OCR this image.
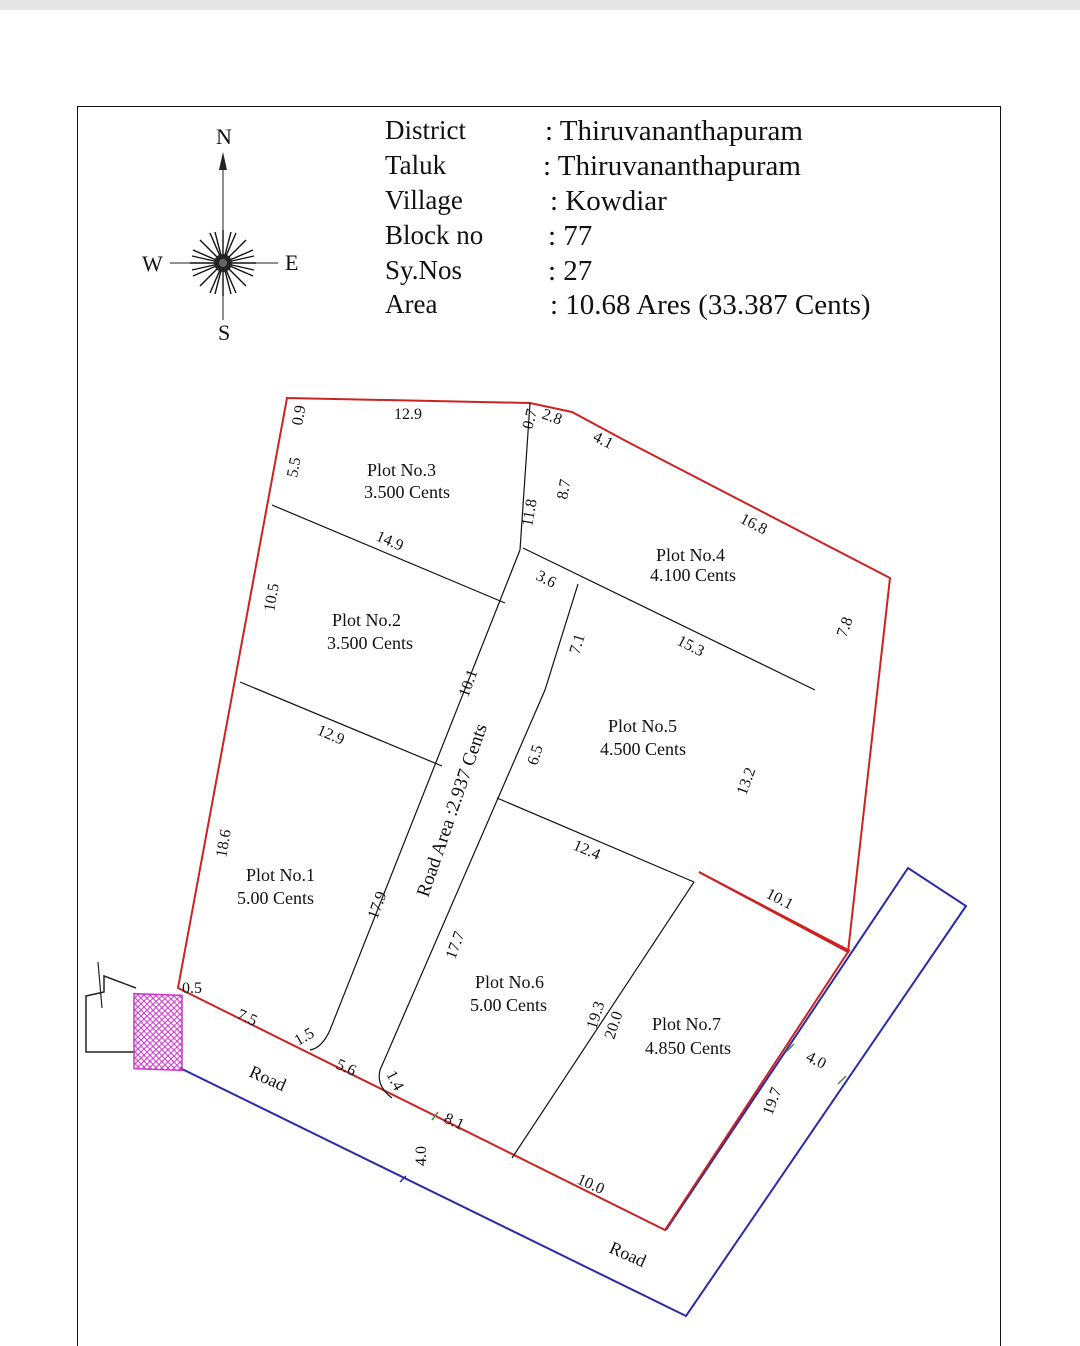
District	: Thiruvananthapuram
Taluk	: Thiruvananthapuram
Village	: Kowdiar
Block no : 77
Sy.Nos	: 27
Area	: 10.68 Ares (33.387 Cents)
N
S
E
W
Plot No.3
3.500 Cents
Plot No.2
3.500 Cents
Plot No.1
5.00 Cents
Plot No.4
4.100 Cents
Plot No.5
4.500 Cents
Plot No.6
5.00 Cents
Plot No.7
4.850 Cents
Road Area :2.937 Cents
Road
Road
0.9	12.9	0.7
2.8
4.1
5.5
11.8
8.7
16.8
14.9
3.6
10.5
7.1	15.3
7.8
10.1
12.9
6.5
13.2
12.4
18.6
17.9	10.1
17.7
0.5
19.3
20.0
7.5
1.5
5.6 1.4
4.0
8.1
19.7
4.0
10.0
